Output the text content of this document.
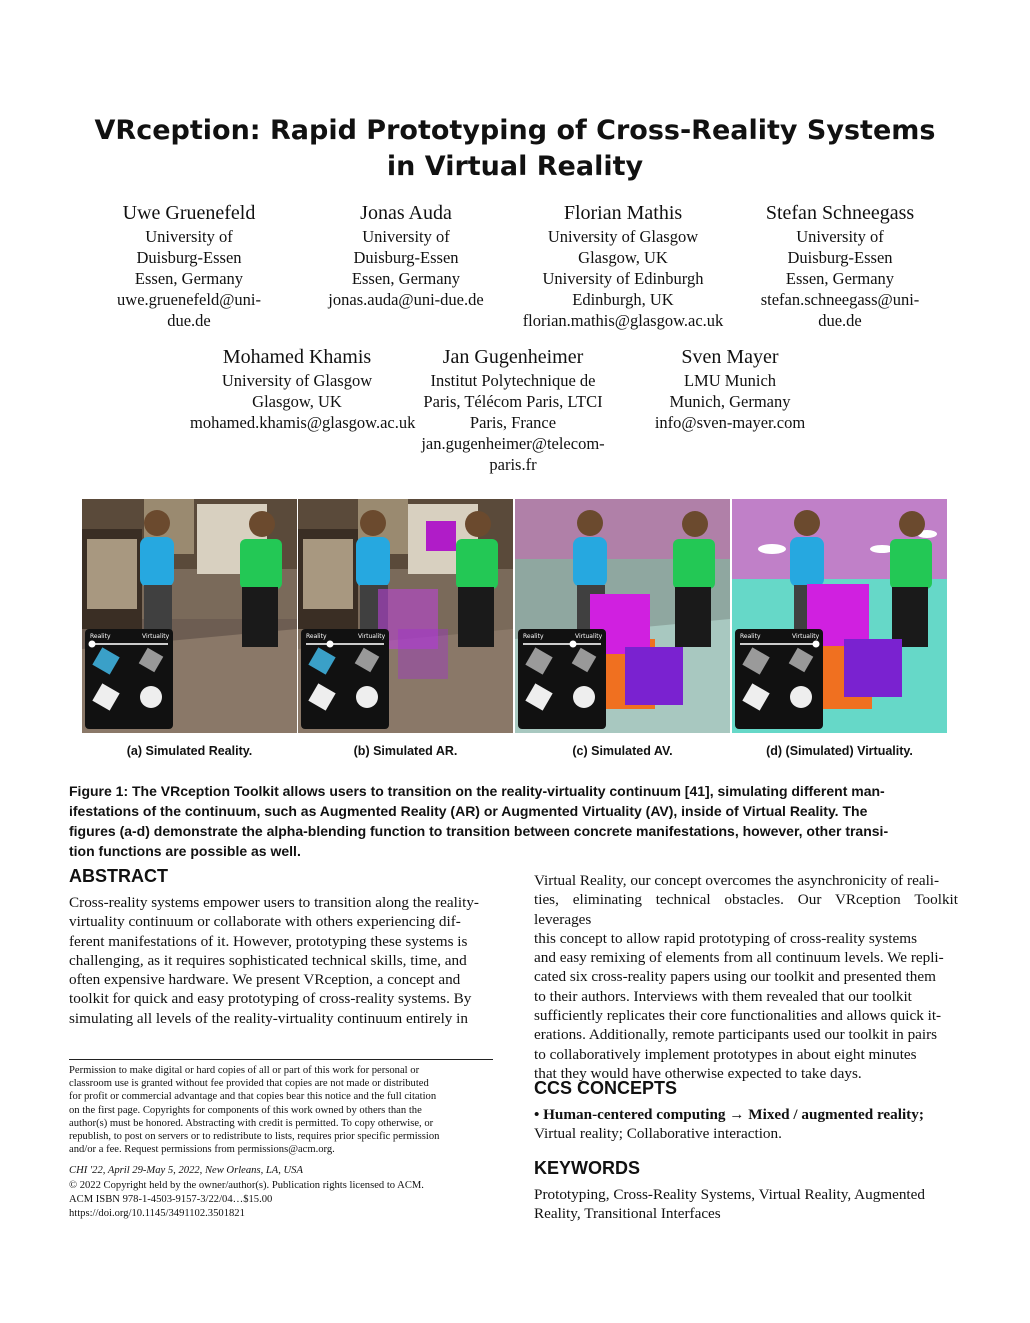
VRception: Rapid Prototyping of Cross-Reality Systems
in Virtual Reality
Uwe Gruenefeld
University of
Duisburg-Essen
Essen, Germany
uwe.gruenefeld@uni-
due.de
Jonas Auda
University of
Duisburg-Essen
Essen, Germany
jonas.auda@uni-due.de
Florian Mathis
University of Glasgow
Glasgow, UK
University of Edinburgh
Edinburgh, UK
florian.mathis@glasgow.ac.uk
Stefan Schneegass
University of
Duisburg-Essen
Essen, Germany
stefan.schneegass@uni-
due.de
Mohamed Khamis
University of Glasgow
Glasgow, UK
mohamed.khamis@glasgow.ac.uk
Jan Gugenheimer
Institut Polytechnique de
Paris, Télécom Paris, LTCI
Paris, France
jan.gugenheimer@telecom-
paris.fr
Sven Mayer
LMU Munich
Munich, Germany
info@sven-mayer.com
Reality	Virtuality	Reality	Virtuality	Reality	Virtuality	Reality	Virtuality
(a) Simulated Reality.	(b) Simulated AR.	(c) Simulated AV.	(d) (Simulated) Virtuality.
Figure 1: The VRception Toolkit allows users to transition on the reality-virtuality continuum [41], simulating different man-
ifestations of the continuum, such as Augmented Reality (AR) or Augmented Virtuality (AV), inside of Virtual Reality. The
figures (a-d) demonstrate the alpha-blending function to transition between concrete manifestations, however, other transi-
tion functions are possible as well.
ABSTRACT
Cross-reality systems empower users to transition along the reality-
virtuality continuum or collaborate with others experiencing dif-
ferent manifestations of it. However, prototyping these systems is
challenging, as it requires sophisticated technical skills, time, and
often expensive hardware. We present VRception, a concept and
toolkit for quick and easy prototyping of cross-reality systems. By
simulating all levels of the reality-virtuality continuum entirely in
Permission to make digital or hard copies of all or part of this work for personal or
classroom use is granted without fee provided that copies are not made or distributed
for profit or commercial advantage and that copies bear this notice and the full citation
on the first page. Copyrights for components of this work owned by others than the
author(s) must be honored. Abstracting with credit is permitted. To copy otherwise, or
republish, to post on servers or to redistribute to lists, requires prior specific permission
and/or a fee. Request permissions from permissions@acm.org.
CHI '22, April 29-May 5, 2022, New Orleans, LA, USA
© 2022 Copyright held by the owner/author(s). Publication rights licensed to ACM.
ACM ISBN 978-1-4503-9157-3/22/04…$15.00
https://doi.org/10.1145/3491102.3501821
Virtual Reality, our concept overcomes the asynchronicity of reali-
ties, eliminating technical obstacles. Our VRception Toolkit leverages
this concept to allow rapid prototyping of cross-reality systems
and easy remixing of elements from all continuum levels. We repli-
cated six cross-reality papers using our toolkit and presented them
to their authors. Interviews with them revealed that our toolkit
sufficiently replicates their core functionalities and allows quick it-
erations. Additionally, remote participants used our toolkit in pairs
to collaboratively implement prototypes in about eight minutes
that they would have otherwise expected to take days.
CCS CONCEPTS
• Human-centered computing → Mixed / augmented reality;
Virtual reality; Collaborative interaction.
KEYWORDS
Prototyping, Cross-Reality Systems, Virtual Reality, Augmented
Reality, Transitional Interfaces
